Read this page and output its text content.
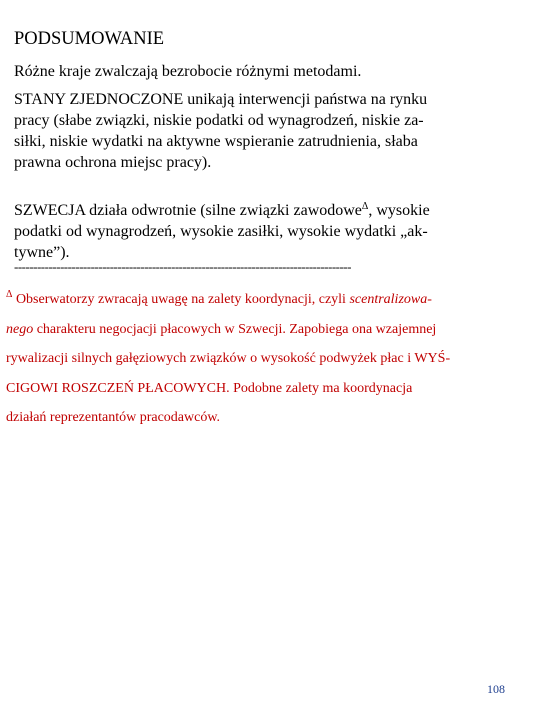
PODSUMOWANIE
Różne kraje zwalczają bezrobocie różnymi metodami.
STANY ZJEDNOCZONE unikają interwencji państwa na rynku
pracy (słabe związki, niskie podatki od wynagrodzeń, niskie za-
siłki, niskie wydatki na aktywne wspieranie zatrudnienia, słaba
prawna ochrona miejsc pracy).
SZWECJA działa odwrotnie (silne związki zawodowe$^\Delta$, wysokie
podatki od wynagrodzeń, wysokie zasiłki, wysokie wydatki „ak-
tywne”).
----------------------------------------------------------------------------------------
$^\Delta$ Obserwatorzy zwracają uwagę na zalety koordynacji, czyli scentralizowa-
nego charakteru negocjacji płacowych w Szwecji. Zapobiega ona wzajemnej
rywalizacji silnych gałęziowych związków o wysokość podwyżek płac i WYŚ-
CIGOWI ROSZCZEŃ PŁACOWYCH. Podobne zalety ma koordynacja
działań reprezentantów pracodawców.
108
